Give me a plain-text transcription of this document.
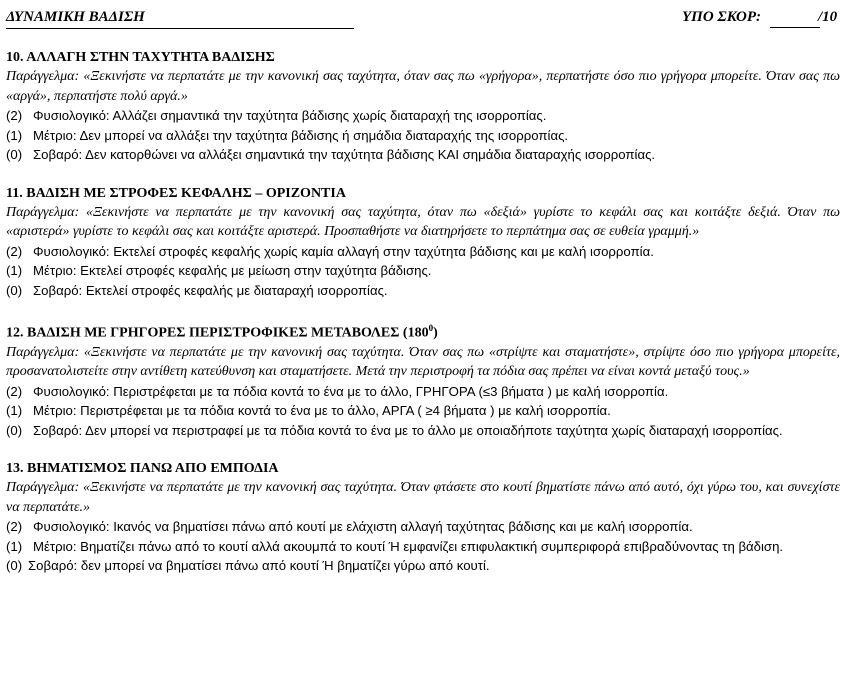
ΔΥΝΑΜΙΚΗ ΒΑΔΙΣΗ	ΥΠΟ ΣΚΟΡ:	/10
10. ΑΛΛΑΓΗ ΣΤΗΝ ΤΑΧΥΤΗΤΑ ΒΑΔΙΣΗΣ

Παράγγελμα: «Ξεκινήστε να περπατάτε με την κανονική σας ταχύτητα, όταν σας πω «γρήγορα», περπατήστε όσο πιο γρήγορα μπορείτε. Όταν σας πω «αργά», περπατήστε πολύ αργά.»

(2) Φυσιολογικό: Αλλάζει σημαντικά την ταχύτητα βάδισης χωρίς διαταραχή της ισορροπίας.
(1) Μέτριο: Δεν μπορεί να αλλάξει την ταχύτητα βάδισης ή σημάδια διαταραχής της ισορροπίας.
(0) Σοβαρό: Δεν κατορθώνει να αλλάξει σημαντικά την ταχύτητα βάδισης ΚΑΙ σημάδια διαταραχής ισορροπίας.
11. ΒΑΔΙΣΗ ΜΕ ΣΤΡΟΦΕΣ ΚΕΦΑΛΗΣ – ΟΡΙΖΟΝΤΙΑ

Παράγγελμα: «Ξεκινήστε να περπατάτε με την κανονική σας ταχύτητα, όταν πω «δεξιά» γυρίστε το κεφάλι σας και κοιτάξτε δεξιά. Όταν πω «αριστερά» γυρίστε το κεφάλι σας και κοιτάξτε αριστερά. Προσπαθήστε να διατηρήσετε το περπάτημα σας σε ευθεία γραμμή.»

(2) Φυσιολογικό: Εκτελεί στροφές κεφαλής χωρίς καμία αλλαγή στην ταχύτητα βάδισης και με καλή ισορροπία.
(1) Μέτριο: Εκτελεί στροφές κεφαλής με μείωση στην ταχύτητα βάδισης.
(0) Σοβαρό: Εκτελεί στροφές κεφαλής με διαταραχή ισορροπίας.
12. ΒΑΔΙΣΗ ΜΕ ΓΡΗΓΟΡΕΣ ΠΕΡΙΣΤΡΟΦΙΚΕΣ ΜΕΤΑΒΟΛΕΣ $(180^0)$

Παράγγελμα: «Ξεκινήστε να περπατάτε με την κανονική σας ταχύτητα. Όταν σας πω «στρίψτε και σταματήστε», στρίψτε όσο πιο γρήγορα μπορείτε, προσανατολιστείτε στην αντίθετη κατεύθυνση και σταματήσετε. Μετά την περιστροφή τα πόδια σας πρέπει να είναι κοντά μεταξύ τους.»

(2) Φυσιολογικό: Περιστρέφεται με τα πόδια κοντά το ένα με το άλλο, ΓΡΗΓΟΡΑ (≤3 βήματα ) με καλή ισορροπία.
(1) Μέτριο: Περιστρέφεται με τα πόδια κοντά το ένα με το άλλο, ΑΡΓΑ ( ≥4 βήματα ) με καλή ισορροπία.
(0) Σοβαρό: Δεν μπορεί να περιστραφεί με τα πόδια κοντά το ένα με το άλλο με οποιαδήποτε ταχύτητα χωρίς διαταραχή ισορροπίας.
13. ΒΗΜΑΤΙΣΜΟΣ ΠΑΝΩ ΑΠΟ ΕΜΠΟΔΙΑ

Παράγγελμα: «Ξεκινήστε να περπατάτε με την κανονική σας ταχύτητα. Όταν φτάσετε στο κουτί βηματίστε πάνω από αυτό, όχι γύρω του, και συνεχίστε να περπατάτε.»

(2) Φυσιολογικό: Ικανός να βηματίσει πάνω από κουτί με ελάχιστη αλλαγή ταχύτητας βάδισης και με καλή ισορροπία.
(1) Μέτριο: Βηματίζει πάνω από το κουτί αλλά ακουμπά το κουτί Ή εμφανίζει επιφυλακτική συμπεριφορά επιβραδύνοντας τη βάδιση.
(0) Σοβαρό: δεν μπορεί να βηματίσει πάνω από κουτί Ή βηματίζει γύρω από κουτί.
